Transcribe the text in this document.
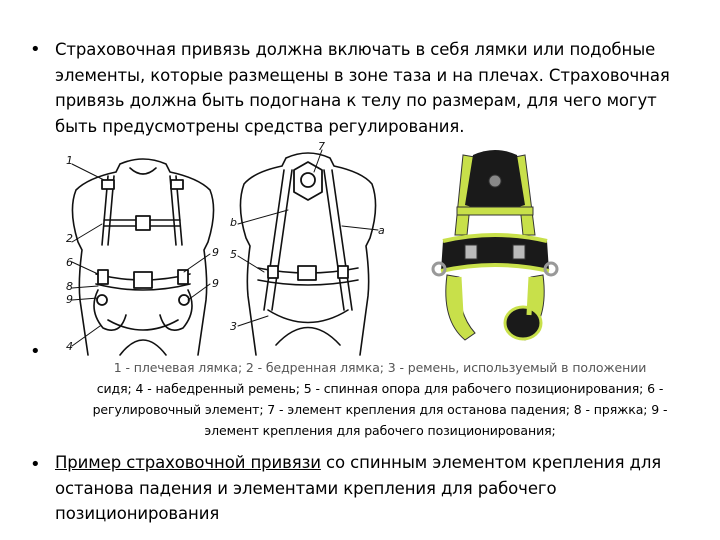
• Страховочная привязь должна включать в себя лямки или подобные элементы, которые размещены в зоне таза и на плечах. Страховочная привязь должна быть подогнана к телу по размерам, для чего могут быть предусмотрены средства регулирования.
1
2
6
8
9
4
9
9
7
b
a
5
3
•
1 - плечевая лямка; 2 - бедренная лямка; 3 - ремень, используемый в положении
сидя; 4 - набедренный ремень; 5 - спинная опора для рабочего позиционирования; 6 -
регулировочный элемент; 7 - элемент крепления для останова падения; 8 - пряжка; 9 -
элемент крепления для рабочего позиционирования;
• Пример страховочной привязи со спинным элементом крепления для останова падения и элементами крепления для рабочего позиционирования
